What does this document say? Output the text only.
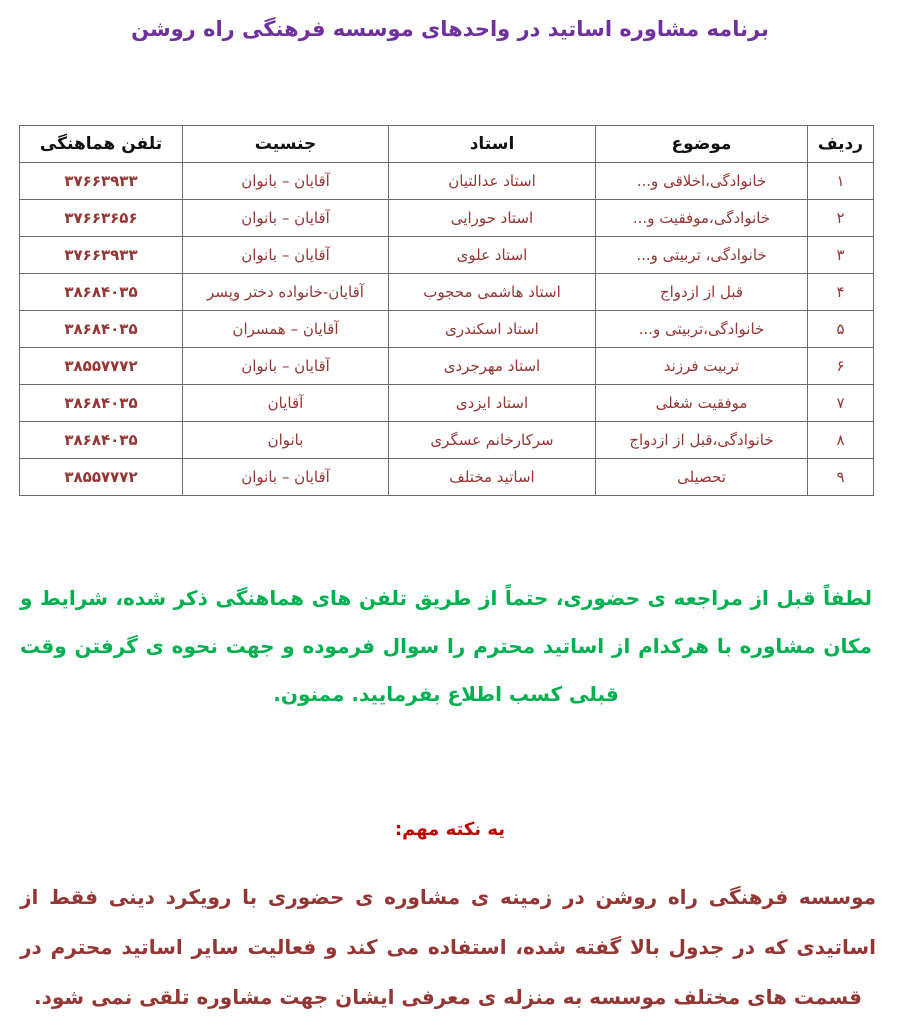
برنامه مشاوره اساتید در واحدهای موسسه فرهنگی راه روشن
ردیف	موضوع	استاد	جنسیت	تلفن هماهنگی
۱	خانوادگی،اخلاقی و...	استاد عدالتیان	آقایان – بانوان	۳۷۶۶۳۹۳۳
۲	خانوادگی،موفقیت و...	استاد حورایی	آقایان – بانوان	۳۷۶۶۳۶۵۶
۳	خانوادگی، تربیتی و...	استاد علوی	آقایان – بانوان	۳۷۶۶۳۹۳۳
۴	قبل از ازدواج	استاد هاشمی محجوب	آقایان-خانواده دختر وپسر	۳۸۶۸۴۰۳۵
۵	خانوادگی،تربیتی و...	استاد اسکندری	آقایان – همسران	۳۸۶۸۴۰۳۵
۶	تربیت فرزند	استاد مهرجردی	آقایان – بانوان	۳۸۵۵۷۷۷۲
۷	موفقیت شغلی	استاد ایزدی	آقایان	۳۸۶۸۴۰۳۵
۸	خانوادگی،قبل از ازدواج	سرکارخانم عسگری	بانوان	۳۸۶۸۴۰۳۵
۹	تحصیلی	اساتید مختلف	آقایان – بانوان	۳۸۵۵۷۷۷۲
لطفاً قبل از مراجعه ی حضوری، حتماً از طریق تلفن های هماهنگی ذکر شده، شرایط و مکان مشاوره با هرکدام از اساتید محترم را سوال فرموده و جهت نحوه ی گرفتن وقت قبلی کسب اطلاع بفرمایید. ممنون.
یه نکته مهم:
موسسه فرهنگی راه روشن در زمینه ی مشاوره ی حضوری با رویکرد دینی فقط از اساتیدی که در جدول بالا گفته شده، استفاده می کند و فعالیت سایر اساتید محترم در قسمت های مختلف موسسه به منزله ی معرفی ایشان جهت مشاوره تلقی نمی شود.
